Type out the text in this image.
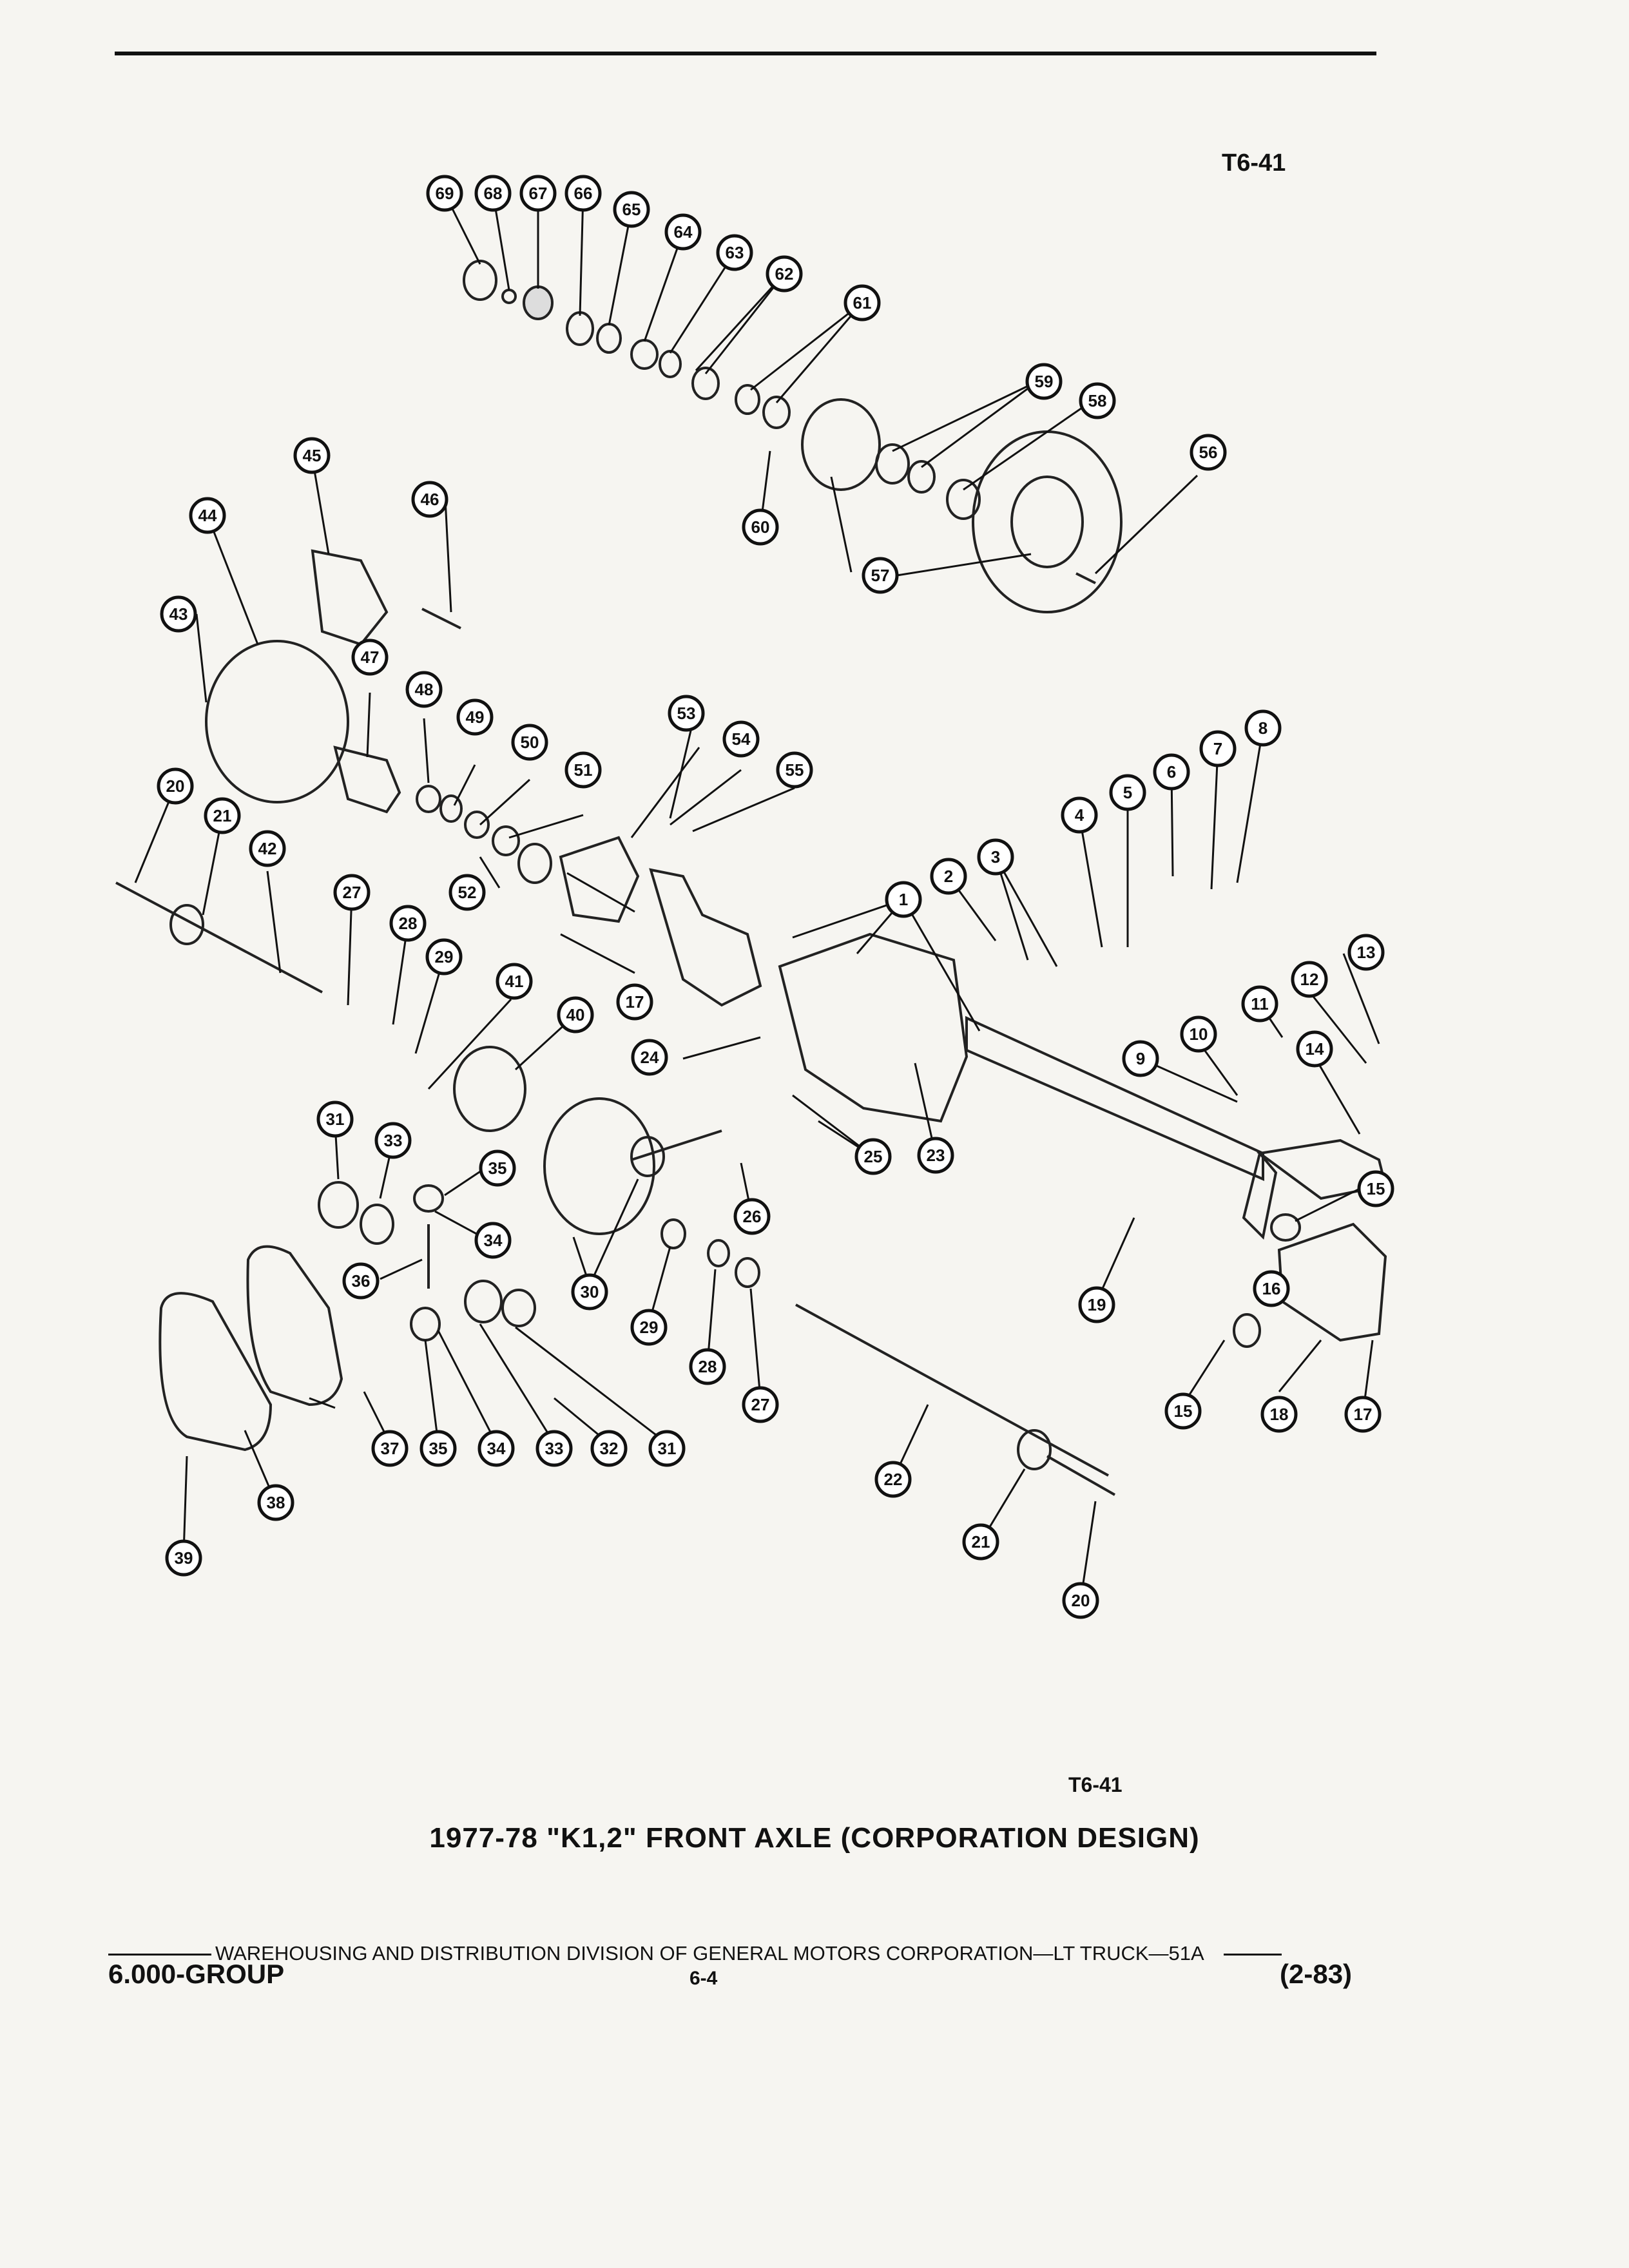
T6-41
1
2
3
4
5
6
7
8
9
10
11
12
13
14
15
15
16
17
17
18
19
20
20
21
21
22
23
24
25
26
27
27
28
28
29
29
30
31
31
32
33
33
34
34
35
35
36
37
38
39
40
41
42
43
44
45
46
47
48
49
50
51
52
53
54
55
56
57
58
59
60
61
62
63
64
65
66
67
68
69
T6-41
1977-78 "K1,2" FRONT AXLE (CORPORATION DESIGN)
WAREHOUSING AND DISTRIBUTION DIVISION OF GENERAL MOTORS CORPORATION—LT TRUCK—51A
6.000-GROUP	6-4	(2-83)
